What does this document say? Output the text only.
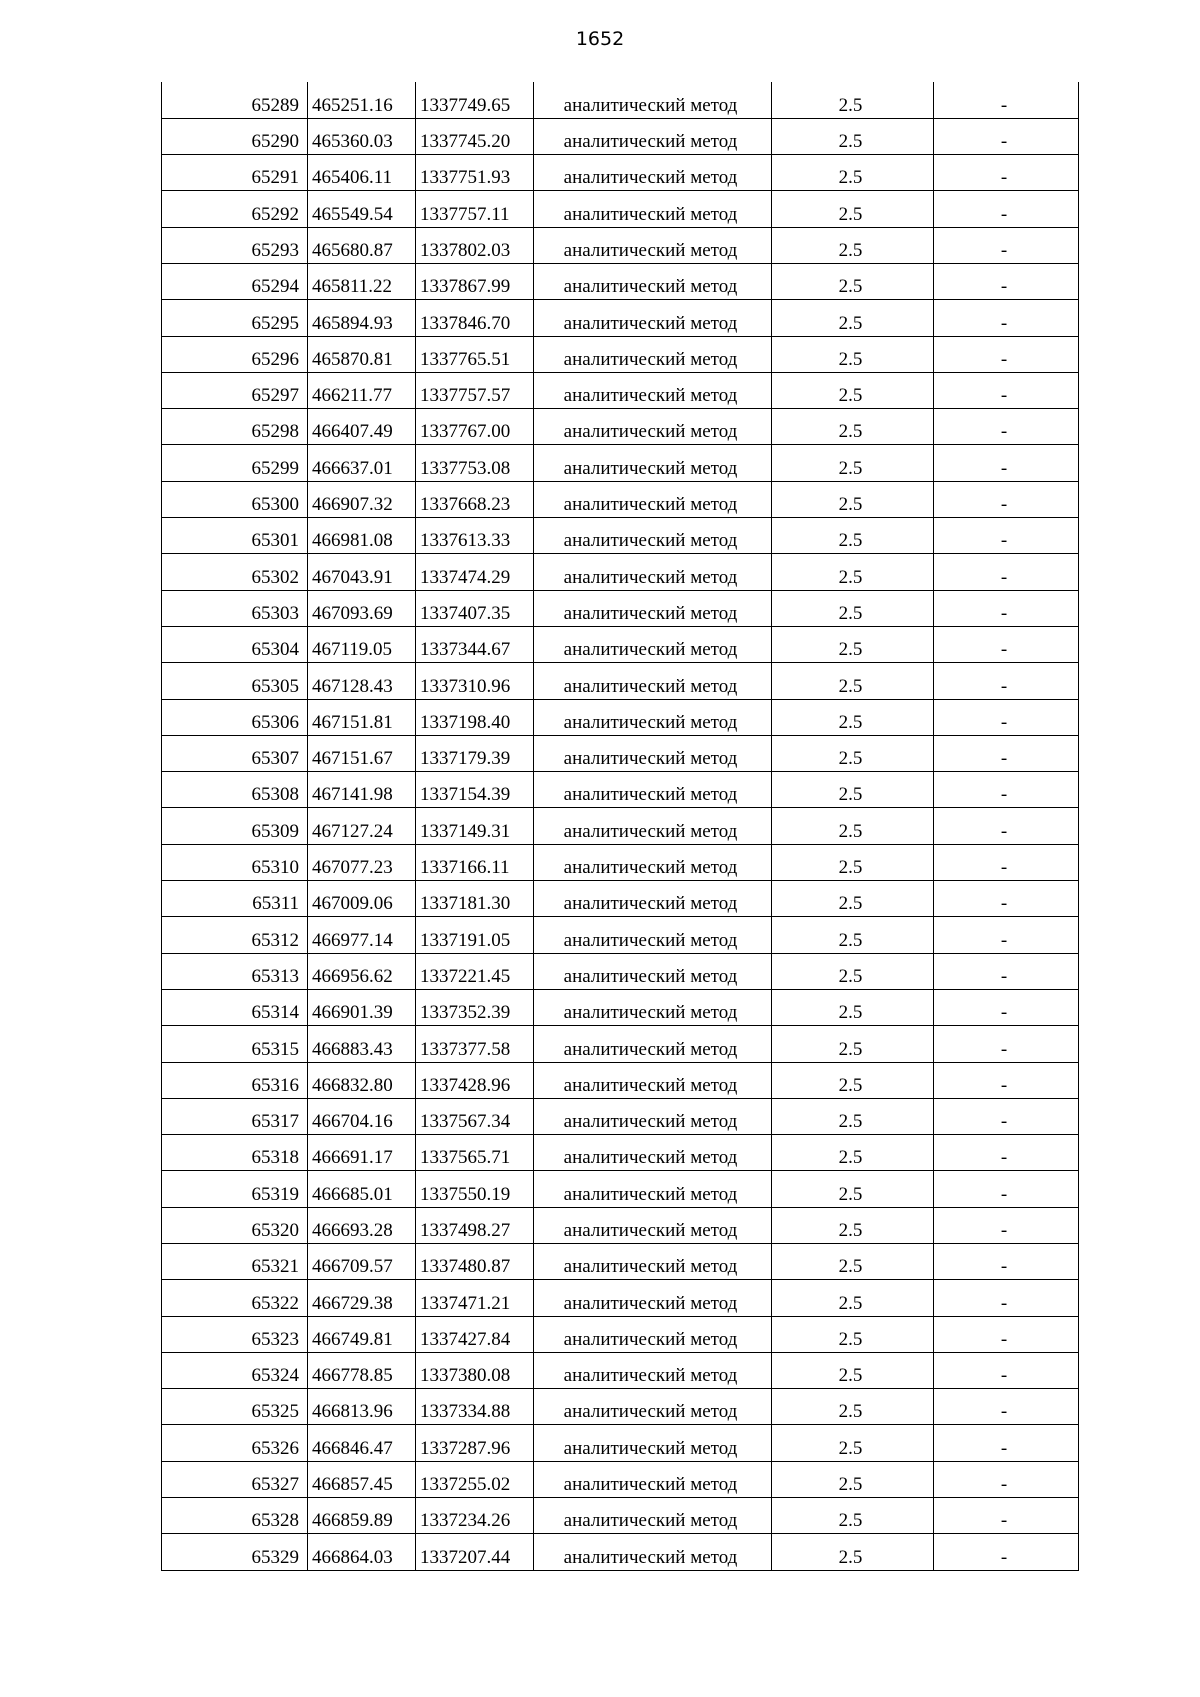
1652
65289	465251.16	1337749.65	аналитический метод	2.5	-
65290	465360.03	1337745.20	аналитический метод	2.5	-
65291	465406.11	1337751.93	аналитический метод	2.5	-
65292	465549.54	1337757.11	аналитический метод	2.5	-
65293	465680.87	1337802.03	аналитический метод	2.5	-
65294	465811.22	1337867.99	аналитический метод	2.5	-
65295	465894.93	1337846.70	аналитический метод	2.5	-
65296	465870.81	1337765.51	аналитический метод	2.5	-
65297	466211.77	1337757.57	аналитический метод	2.5	-
65298	466407.49	1337767.00	аналитический метод	2.5	-
65299	466637.01	1337753.08	аналитический метод	2.5	-
65300	466907.32	1337668.23	аналитический метод	2.5	-
65301	466981.08	1337613.33	аналитический метод	2.5	-
65302	467043.91	1337474.29	аналитический метод	2.5	-
65303	467093.69	1337407.35	аналитический метод	2.5	-
65304	467119.05	1337344.67	аналитический метод	2.5	-
65305	467128.43	1337310.96	аналитический метод	2.5	-
65306	467151.81	1337198.40	аналитический метод	2.5	-
65307	467151.67	1337179.39	аналитический метод	2.5	-
65308	467141.98	1337154.39	аналитический метод	2.5	-
65309	467127.24	1337149.31	аналитический метод	2.5	-
65310	467077.23	1337166.11	аналитический метод	2.5	-
65311	467009.06	1337181.30	аналитический метод	2.5	-
65312	466977.14	1337191.05	аналитический метод	2.5	-
65313	466956.62	1337221.45	аналитический метод	2.5	-
65314	466901.39	1337352.39	аналитический метод	2.5	-
65315	466883.43	1337377.58	аналитический метод	2.5	-
65316	466832.80	1337428.96	аналитический метод	2.5	-
65317	466704.16	1337567.34	аналитический метод	2.5	-
65318	466691.17	1337565.71	аналитический метод	2.5	-
65319	466685.01	1337550.19	аналитический метод	2.5	-
65320	466693.28	1337498.27	аналитический метод	2.5	-
65321	466709.57	1337480.87	аналитический метод	2.5	-
65322	466729.38	1337471.21	аналитический метод	2.5	-
65323	466749.81	1337427.84	аналитический метод	2.5	-
65324	466778.85	1337380.08	аналитический метод	2.5	-
65325	466813.96	1337334.88	аналитический метод	2.5	-
65326	466846.47	1337287.96	аналитический метод	2.5	-
65327	466857.45	1337255.02	аналитический метод	2.5	-
65328	466859.89	1337234.26	аналитический метод	2.5	-
65329	466864.03	1337207.44	аналитический метод	2.5	-
